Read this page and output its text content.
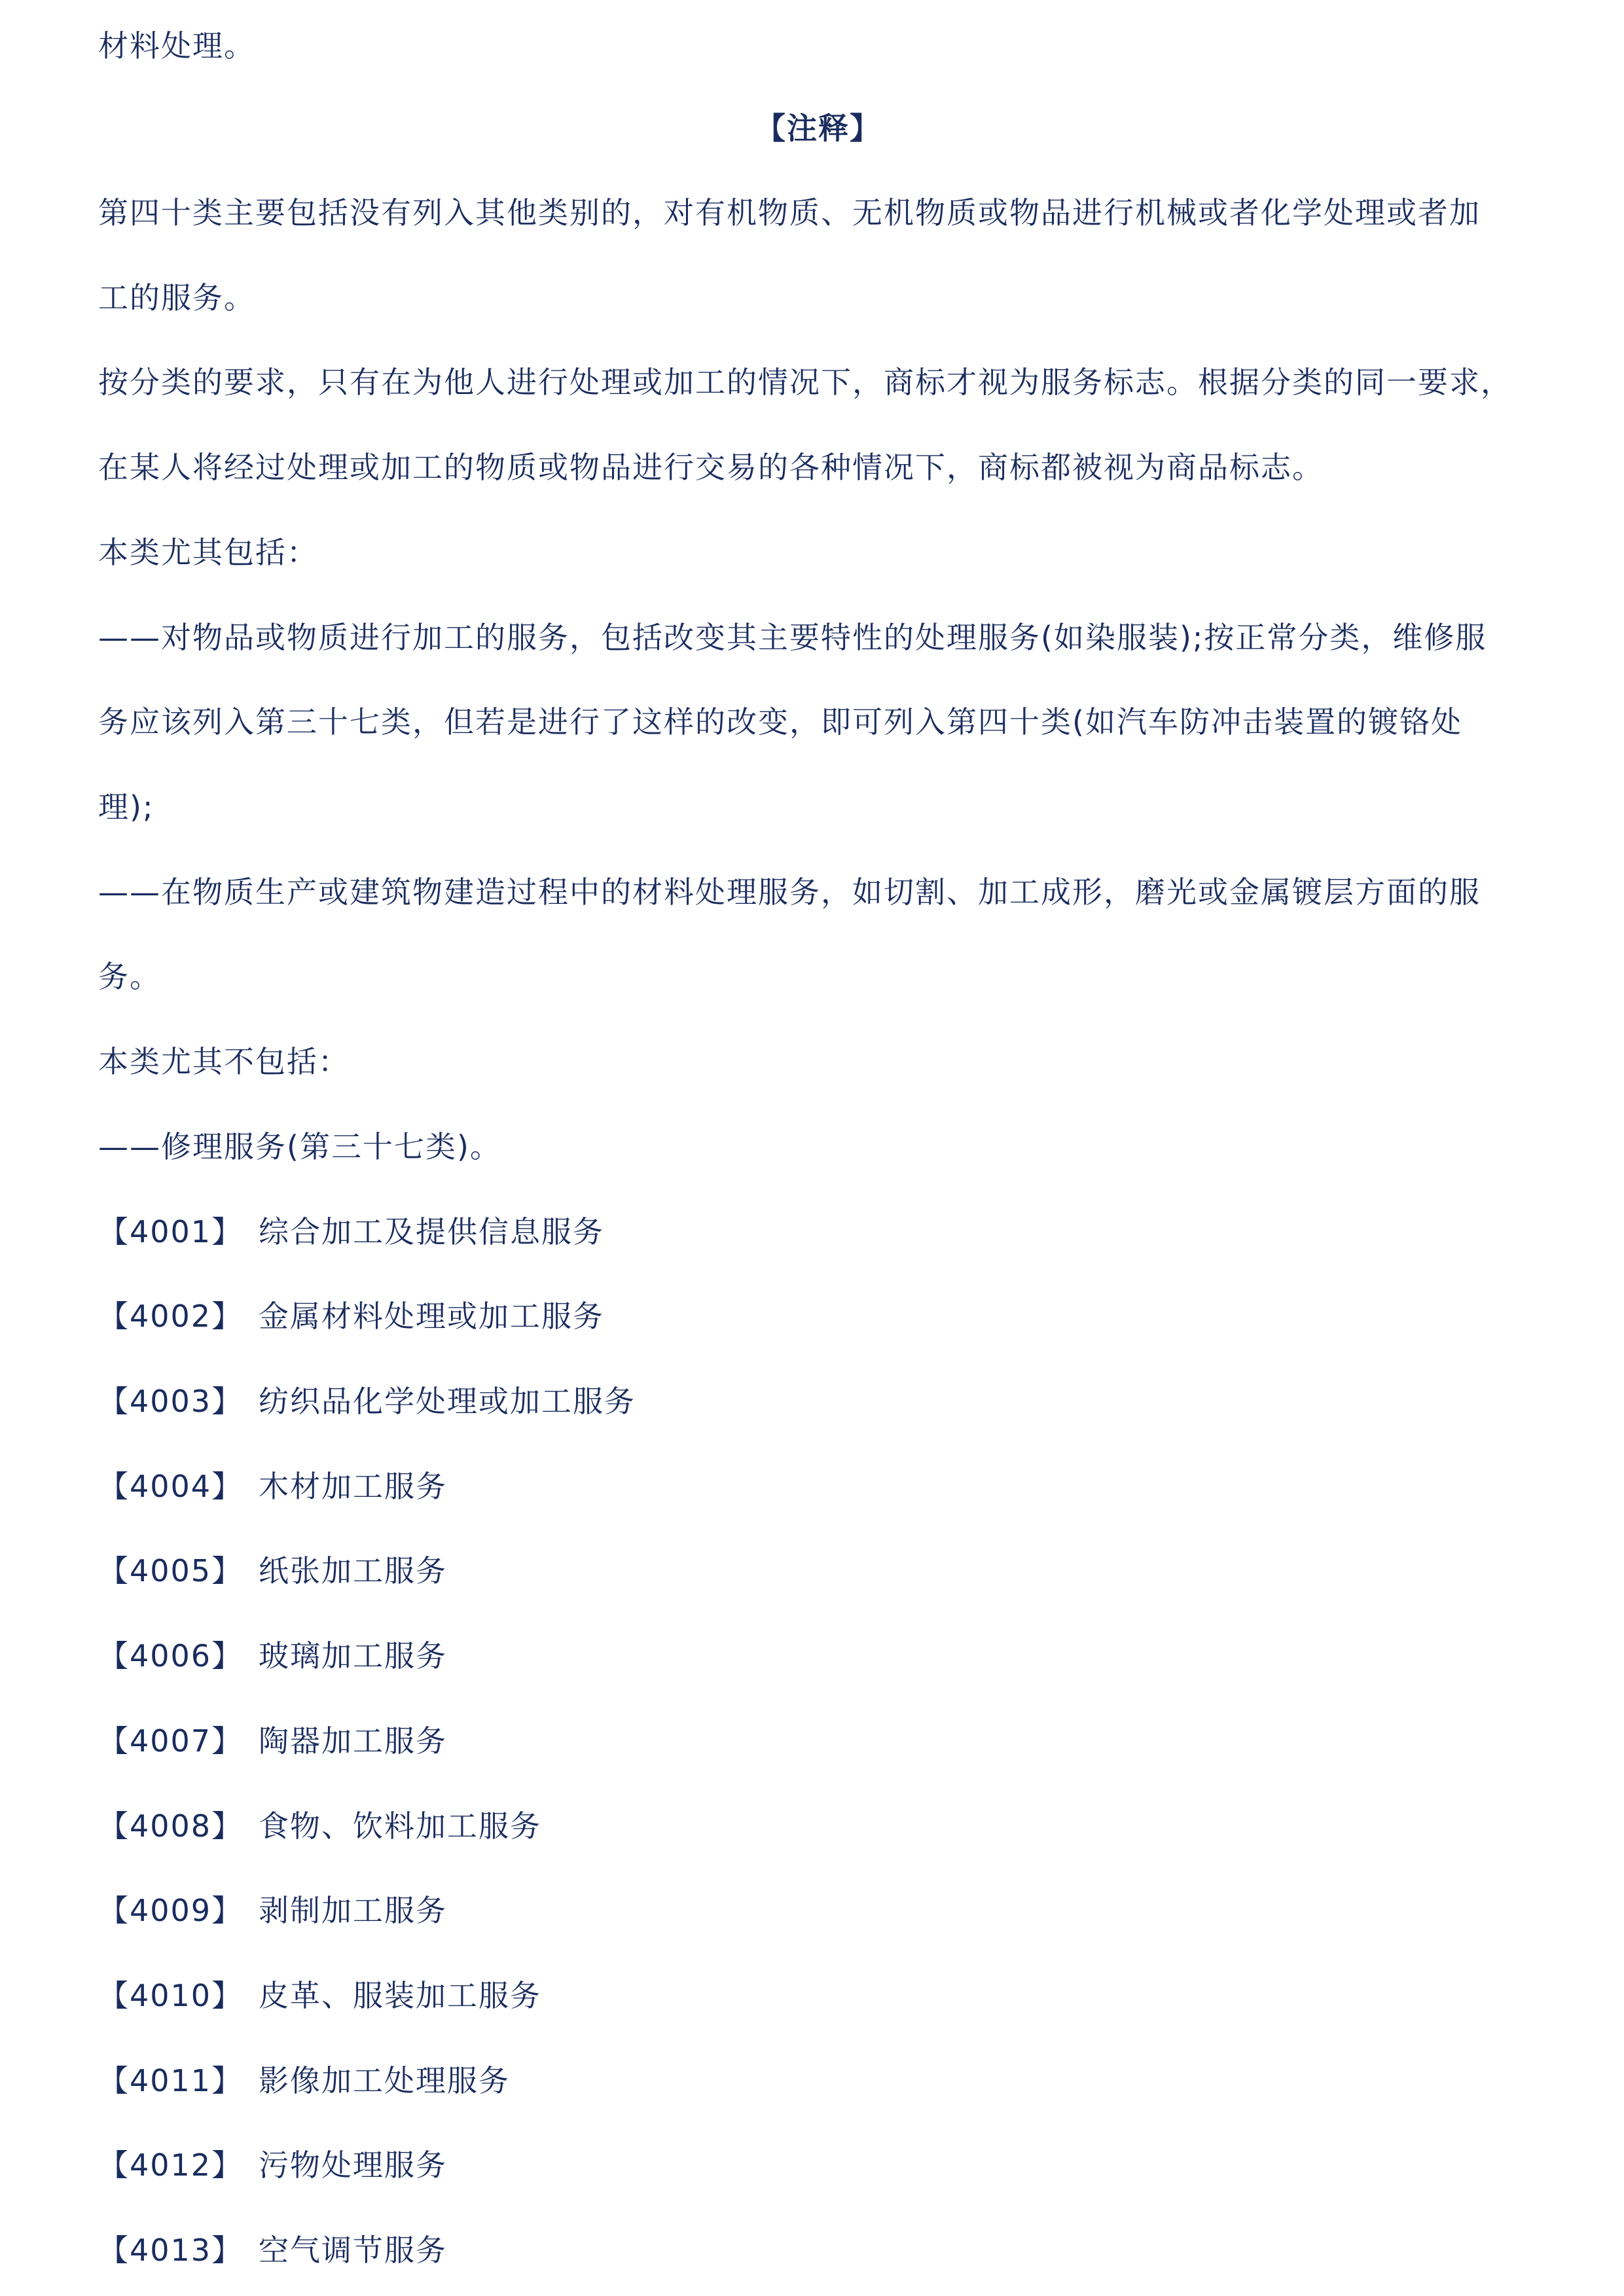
材料处理。
【注释】
第四十类主要包括没有列入其他类别的，对有机物质、无机物质或物品进行机械或者化学处理或者加
工的服务。
按分类的要求，只有在为他人进行处理或加工的情况下，商标才视为服务标志。根据分类的同一要求，
在某人将经过处理或加工的物质或物品进行交易的各种情况下，商标都被视为商品标志。
本类尤其包括：
——对物品或物质进行加工的服务，包括改变其主要特性的处理服务(如染服装);按正常分类，维修服
务应该列入第三十七类，但若是进行了这样的改变，即可列入第四十类(如汽车防冲击装置的镀铬处
理);
——在物质生产或建筑物建造过程中的材料处理服务，如切割、加工成形，磨光或金属镀层方面的服
务。
本类尤其不包括：
——修理服务(第三十七类)。
【4001】 综合加工及提供信息服务
【4002】 金属材料处理或加工服务
【4003】 纺织品化学处理或加工服务
【4004】 木材加工服务
【4005】 纸张加工服务
【4006】 玻璃加工服务
【4007】 陶器加工服务
【4008】 食物、饮料加工服务
【4009】 剥制加工服务
【4010】 皮革、服装加工服务
【4011】 影像加工处理服务
【4012】 污物处理服务
【4013】 空气调节服务
